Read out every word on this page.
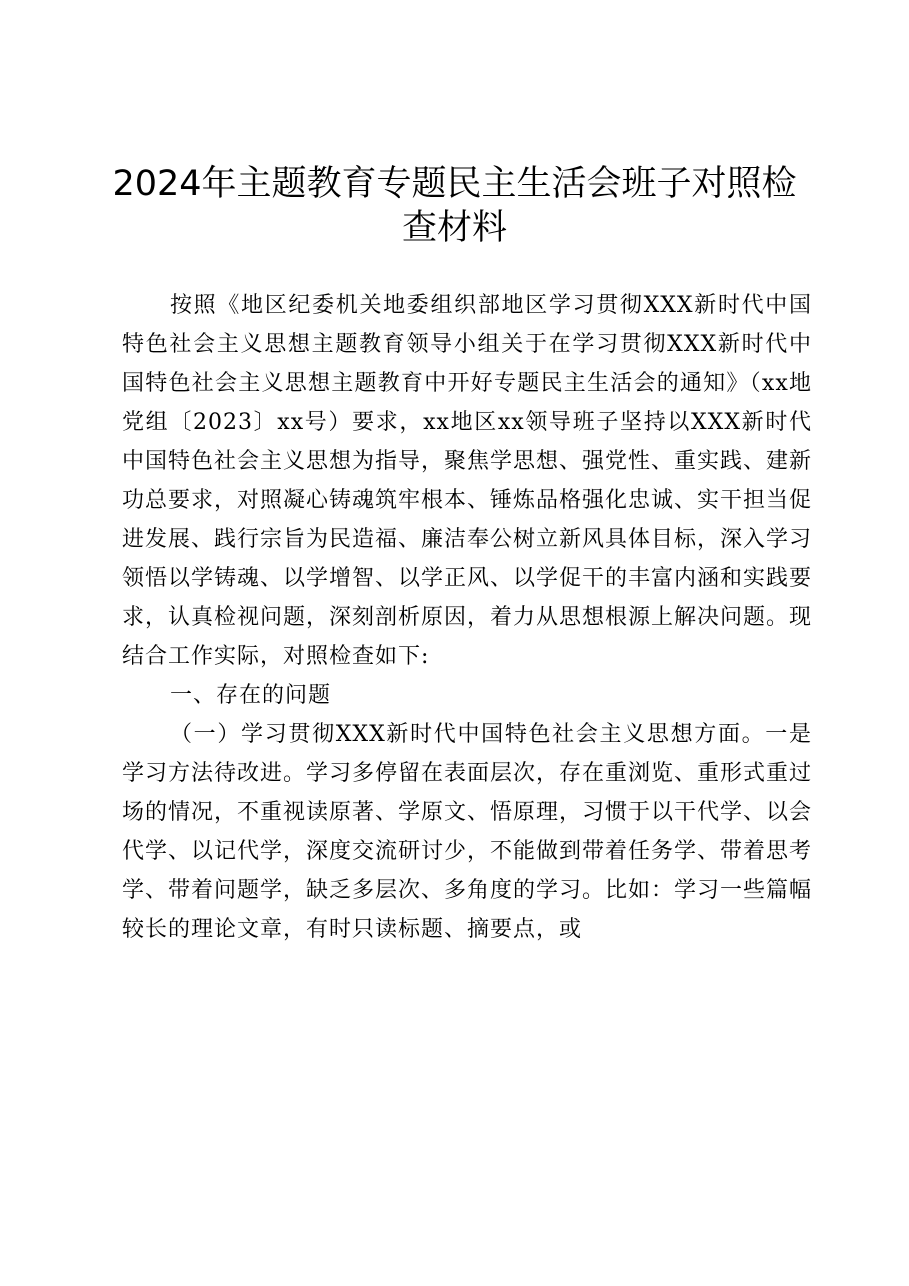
2024年主题教育专题民主生活会班子对照检查材料

按照《地区纪委机关地委组织部地区学习贯彻XXX新时代中国特色社会主义思想主题教育领导小组关于在学习贯彻XXX新时代中国特色社会主义思想主题教育中开好专题民主生活会的通知》（xx地党组〔2023〕xx号）要求，xx地区xx领导班子坚持以XXX新时代中国特色社会主义思想为指导，聚焦学思想、强党性、重实践、建新功总要求，对照凝心铸魂筑牢根本、锤炼品格强化忠诚、实干担当促进发展、践行宗旨为民造福、廉洁奉公树立新风具体目标，深入学习领悟以学铸魂、以学增智、以学正风、以学促干的丰富内涵和实践要求，认真检视问题，深刻剖析原因，着力从思想根源上解决问题。现结合工作实际，对照检查如下:

一、存在的问题

（一）学习贯彻XXX新时代中国特色社会主义思想方面。一是学习方法待改进。学习多停留在表面层次，存在重浏览、重形式重过场的情况，不重视读原著、学原文、悟原理，习惯于以干代学、以会代学、以记代学，深度交流研讨少，不能做到带着任务学、带着思考学、带着问题学，缺乏多层次、多角度的学习。比如：学习一些篇幅较长的理论文章，有时只读标题、摘要点，或
